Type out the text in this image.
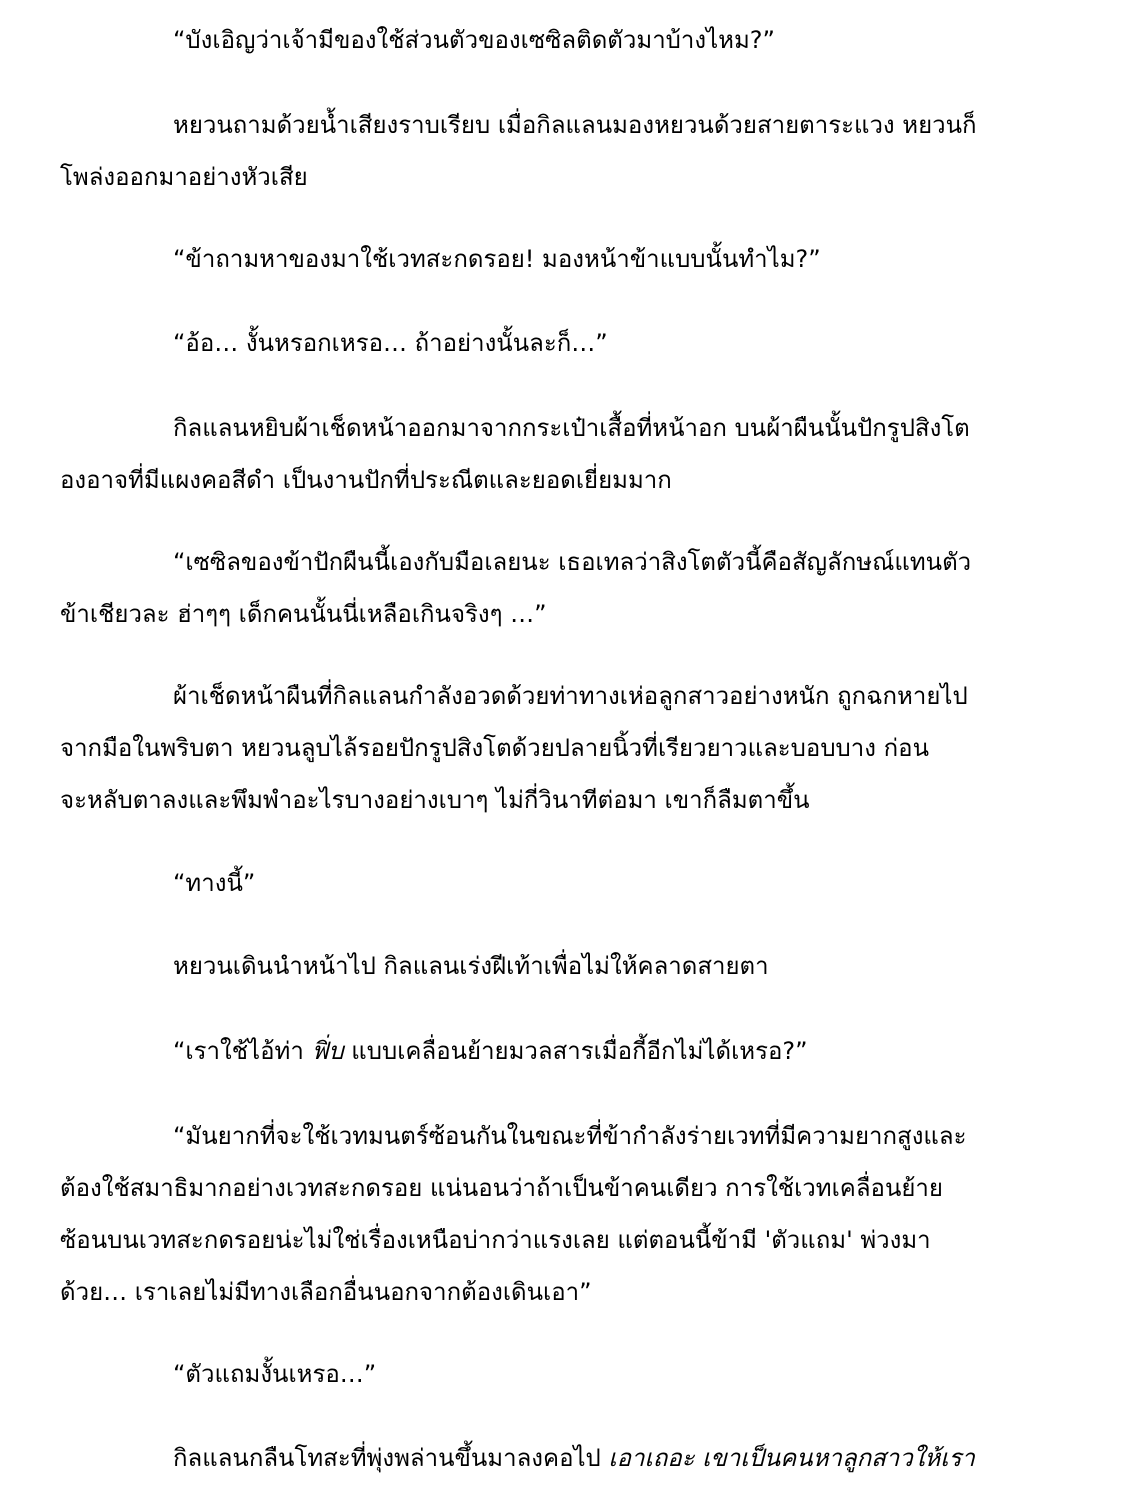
“บังเอิญว่าเจ้ามีของใช้ส่วนตัวของเซซิลติดตัวมาบ้างไหม?”

หยวนถามด้วยน้ำเสียงราบเรียบ เมื่อกิลแลนมองหยวนด้วยสายตาระแวง หยวนก็
โพล่งออกมาอย่างหัวเสีย

“ข้าถามหาของมาใช้เวทสะกดรอย! มองหน้าข้าแบบนั้นทำไม?”

“อ้อ… งั้นหรอกเหรอ… ถ้าอย่างนั้นละก็…”

กิลแลนหยิบผ้าเช็ดหน้าออกมาจากกระเป๋าเสื้อที่หน้าอก บนผ้าผืนนั้นปักรูปสิงโต
องอาจที่มีแผงคอสีดำ เป็นงานปักที่ประณีตและยอดเยี่ยมมาก
“เซซิลของข้าปักผืนนี้เองกับมือเลยนะ เธอเทลว่าสิงโตตัวนี้คือสัญลักษณ์แทนตัว
ข้าเชียวละ ฮ่าๆๆ เด็กคนนั้นนี่เหลือเกินจริงๆ …”
ผ้าเช็ดหน้าผืนที่กิลแลนกำลังอวดด้วยท่าทางเห่อลูกสาวอย่างหนัก ถูกฉกหายไป
จากมือในพริบตา หยวนลูบไล้รอยปักรูปสิงโตด้วยปลายนิ้วที่เรียวยาวและบอบบาง ก่อน
จะหลับตาลงและพึมพำอะไรบางอย่างเบาๆ ไม่กี่วินาทีต่อมา เขาก็ลืมตาขึ้น

“ทางนี้”

หยวนเดินนำหน้าไป กิลแลนเร่งฝีเท้าเพื่อไม่ให้คลาดสายตา

“เราใช้ไอ้ท่า ฟิ่บ แบบเคลื่อนย้ายมวลสารเมื่อกี้อีกไม่ได้เหรอ?”

“มันยากที่จะใช้เวทมนตร์ซ้อนกันในขณะที่ข้ากำลังร่ายเวทที่มีความยากสูงและ
ต้องใช้สมาธิมากอย่างเวทสะกดรอย แน่นอนว่าถ้าเป็นข้าคนเดียว การใช้เวทเคลื่อนย้าย
ซ้อนบนเวทสะกดรอยน่ะไม่ใช่เรื่องเหนือบ่ากว่าแรงเลย แต่ตอนนี้ข้ามี 'ตัวแถม' พ่วงมา
ด้วย… เราเลยไม่มีทางเลือกอื่นนอกจากต้องเดินเอา”

“ตัวแถมงั้นเหรอ…”

กิลแลนกลืนโทสะที่พุ่งพล่านขึ้นมาลงคอไป เอาเถอะ เขาเป็นคนหาลูกสาวให้เรา
